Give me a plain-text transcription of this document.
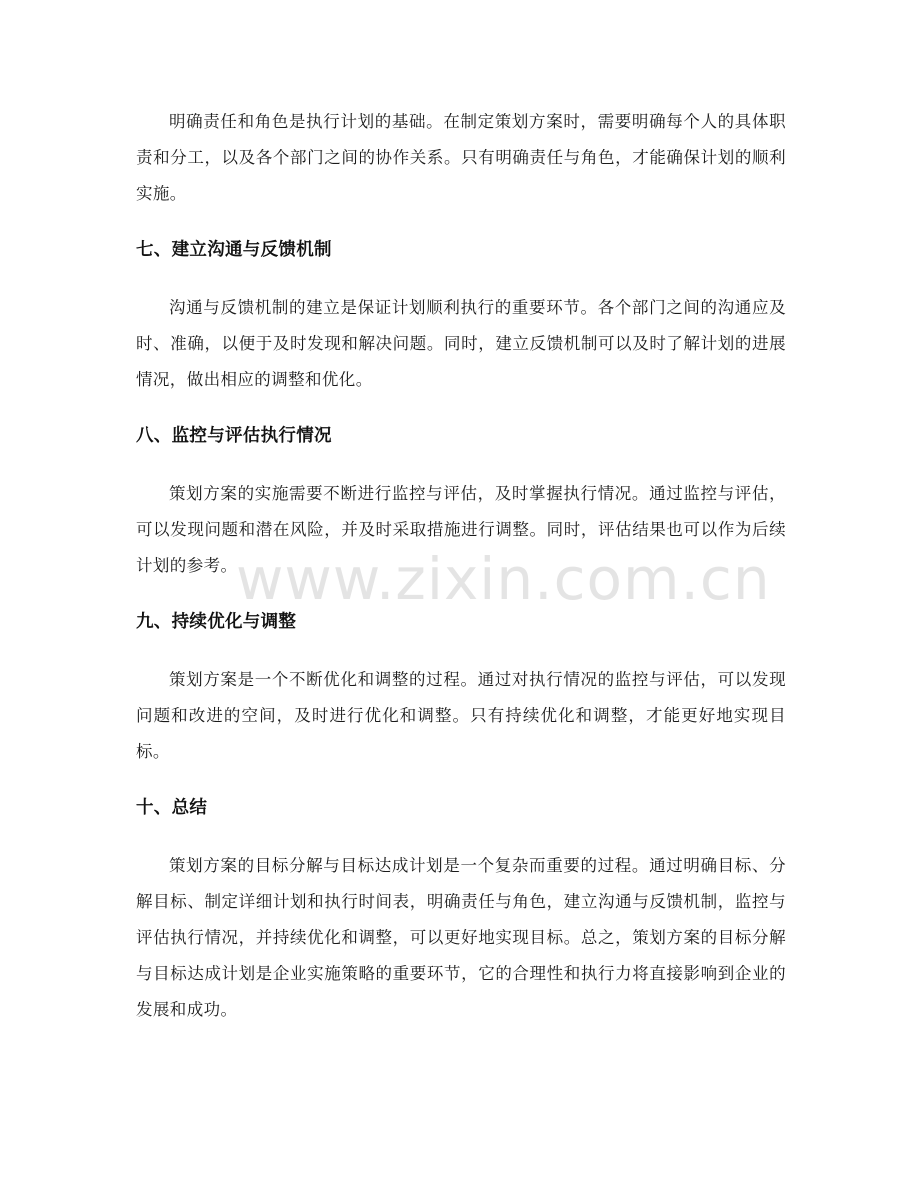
明确责任和角色是执行计划的基础。在制定策划方案时，需要明确每个人的具体职责和分工，以及各个部门之间的协作关系。只有明确责任与角色，才能确保计划的顺利实施。

七、建立沟通与反馈机制

沟通与反馈机制的建立是保证计划顺利执行的重要环节。各个部门之间的沟通应及时、准确，以便于及时发现和解决问题。同时，建立反馈机制可以及时了解计划的进展情况，做出相应的调整和优化。

八、监控与评估执行情况

策划方案的实施需要不断进行监控与评估，及时掌握执行情况。通过监控与评估，可以发现问题和潜在风险，并及时采取措施进行调整。同时，评估结果也可以作为后续计划的参考。

九、持续优化与调整

策划方案是一个不断优化和调整的过程。通过对执行情况的监控与评估，可以发现问题和改进的空间，及时进行优化和调整。只有持续优化和调整，才能更好地实现目标。

十、总结

策划方案的目标分解与目标达成计划是一个复杂而重要的过程。通过明确目标、分解目标、制定详细计划和执行时间表，明确责任与角色，建立沟通与反馈机制，监控与评估执行情况，并持续优化和调整，可以更好地实现目标。总之，策划方案的目标分解与目标达成计划是企业实施策略的重要环节，它的合理性和执行力将直接影响到企业的发展和成功。

www.zixin.com.cn
